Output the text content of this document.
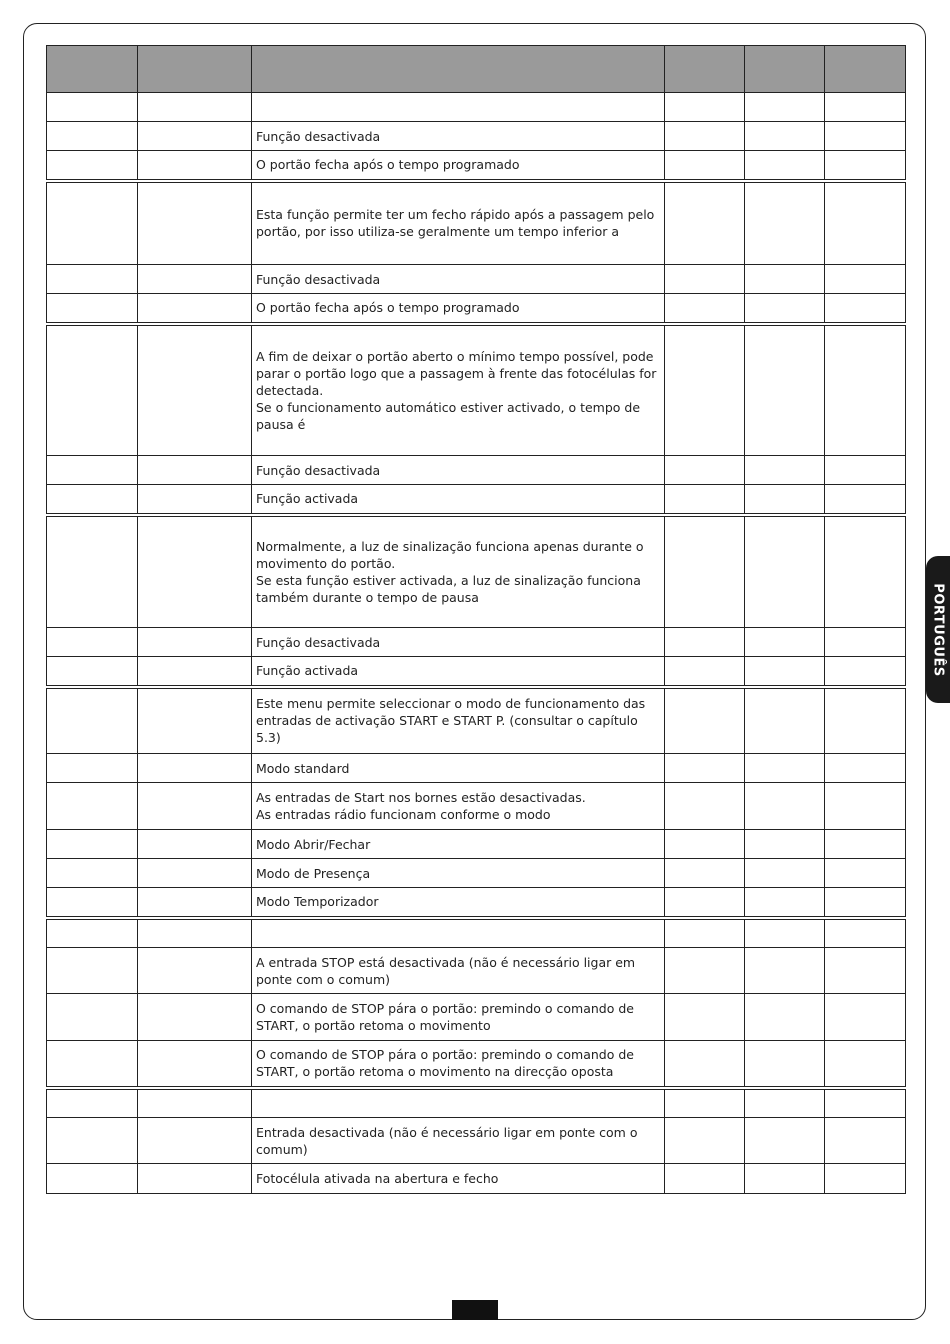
		Função desactivada			
		O portão fecha após o tempo programado			

		Esta função permite ter um fecho rápido após a passagem pelo
portão, por isso utiliza-se geralmente um tempo inferior a			

		Função desactivada			
		O portão fecha após o tempo programado			

		A fim de deixar o portão aberto o mínimo tempo possível, pode
parar o portão logo que a passagem à frente das fotocélulas for
detectada.
Se o funcionamento automático estiver activado, o tempo de
pausa é			

		Função desactivada			
		Função activada			

		Normalmente, a luz de sinalização funciona apenas durante o
movimento do portão.
Se esta função estiver activada, a luz de sinalização funciona
também durante o tempo de pausa			

		Função desactivada			
		Função activada			

		Este menu permite seleccionar o modo de funcionamento das
entradas de activação START e START P. (consultar o capítulo 5.3)			

		Modo standard			

		As entradas de Start nos bornes estão desactivadas.
As entradas rádio funcionam conforme o modo			

		Modo Abrir/Fechar			
		Modo de Presença			
		Modo Temporizador			

		A entrada STOP está desactivada (não é necessário ligar em
ponte com o comum)			

		O comando de STOP pára o portão: premindo o comando de
START, o portão retoma o movimento			

		O comando de STOP pára o portão: premindo o comando de
START, o portão retoma o movimento na direcção oposta			

		Entrada desactivada (não é necessário ligar em ponte com o
comum)			

		Fotocélula ativada na abertura e fecho			
PORTUGUÊS
